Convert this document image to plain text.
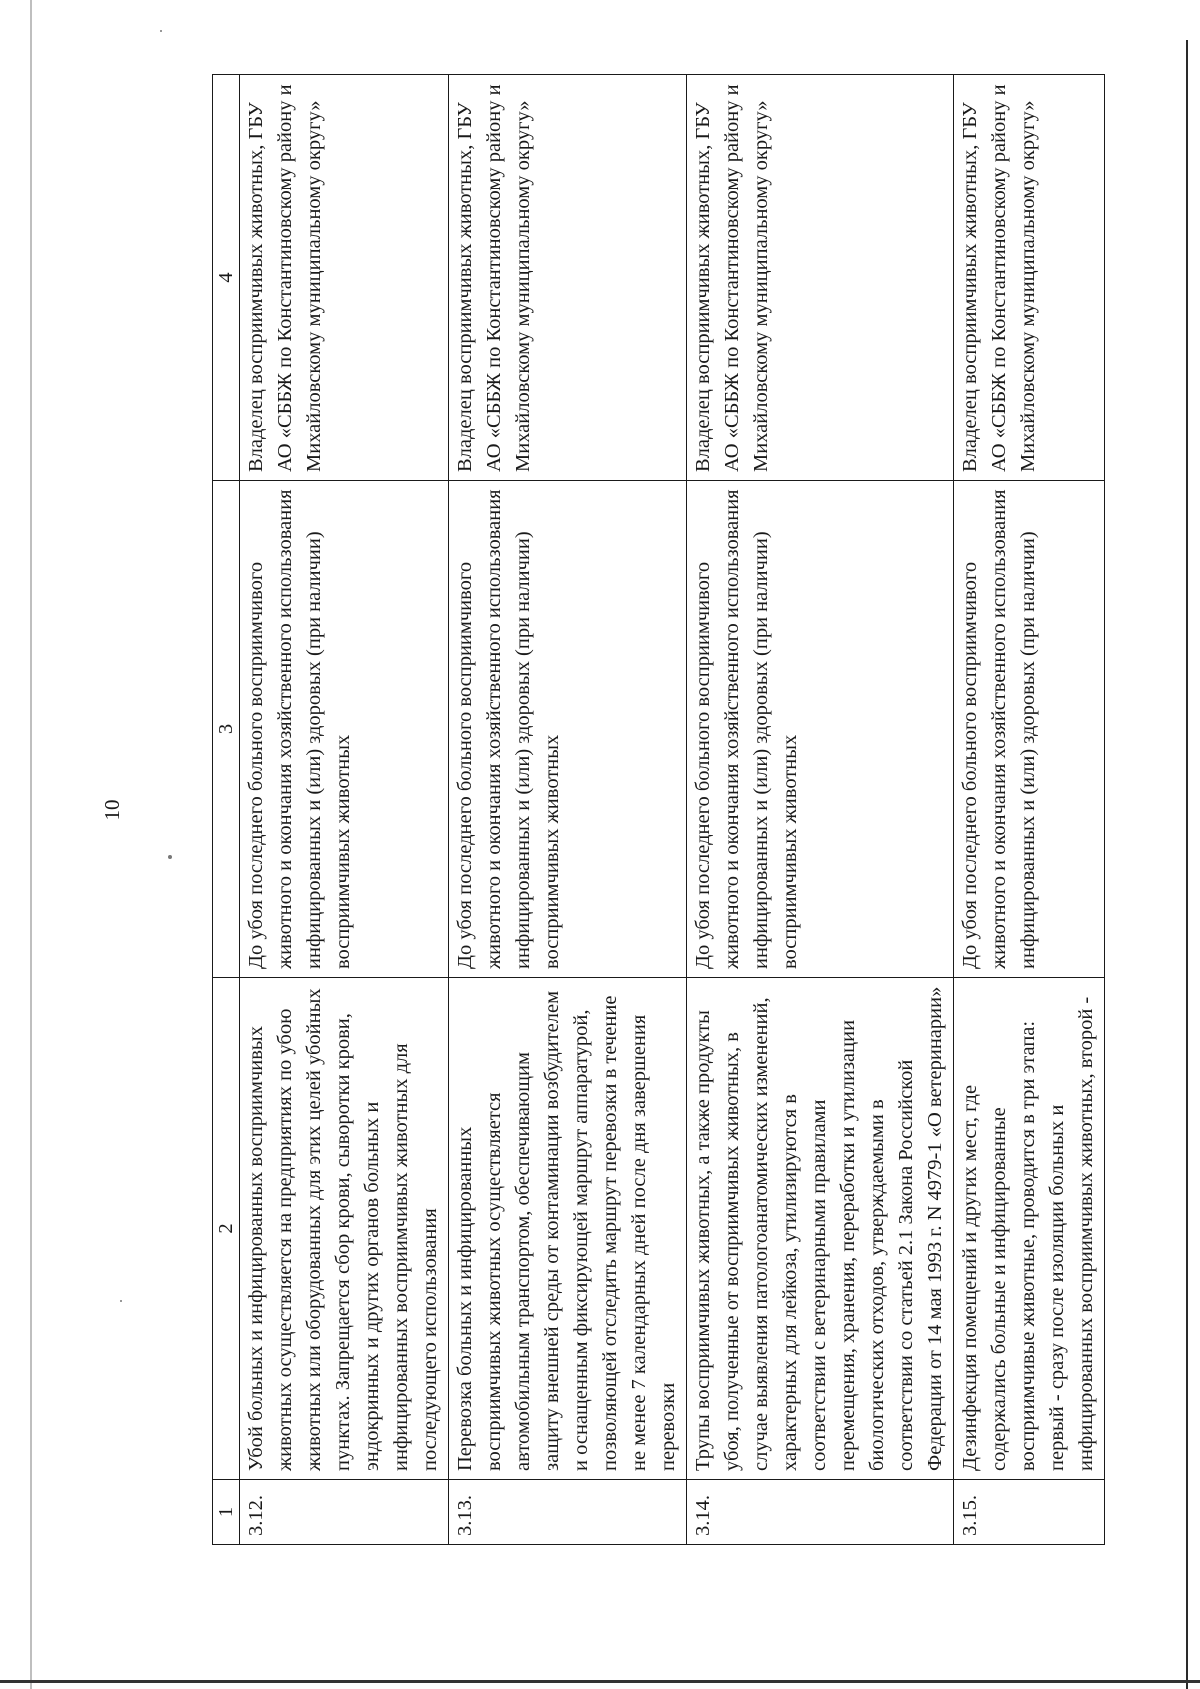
10
1	2	3	4
3.12.	Убой больных и инфицированных восприимчивых животных осуществляется на предприятиях по убою животных или оборудованных для этих целей убойных пунктах. Запрещается сбор крови, сыворотки крови, эндокринных и других органов больных и инфицированных восприимчивых животных для последующего использования	До убоя последнего больного восприимчивого животного и окончания хозяйственного использования инфицированных и (или) здоровых (при наличии) восприимчивых животных	Владелец восприимчивых животных, ГБУ АО «СББЖ по Константиновскому району и Михайловскому муниципальному округу»
3.13.	Перевозка больных и инфицированных восприимчивых животных осуществляется автомобильным транспортом, обеспечивающим защиту внешней среды от контаминации возбудителем и оснащенным фиксирующей маршрут аппаратурой, позволяющей отследить маршрут перевозки в течение не менее 7 календарных дней после дня завершения перевозки	До убоя последнего больного восприимчивого животного и окончания хозяйственного использования инфицированных и (или) здоровых (при наличии) восприимчивых животных	Владелец восприимчивых животных, ГБУ АО «СББЖ по Константиновскому району и Михайловскому муниципальному округу»
3.14.	Трупы восприимчивых животных, а также продукты убоя, полученные от восприимчивых животных, в случае выявления патологоанатомических изменений, характерных для лейкоза, утилизируются в соответствии с ветеринарными правилами перемещения, хранения, переработки и утилизации биологических отходов, утверждаемыми в соответствии со статьей 2.1 Закона Российской Федерации от 14 мая 1993 г. N 4979-1 «О ветеринарии»	До убоя последнего больного восприимчивого животного и окончания хозяйственного использования инфицированных и (или) здоровых (при наличии) восприимчивых животных	Владелец восприимчивых животных, ГБУ АО «СББЖ по Константиновскому району и Михайловскому муниципальному округу»
3.15.	Дезинфекция помещений и других мест, где содержались больные и инфицированные восприимчивые животные, проводится в три этапа: первый - сразу после изоляции больных и инфицированных восприимчивых животных, второй -	До убоя последнего больного восприимчивого животного и окончания хозяйственного использования инфицированных и (или) здоровых (при наличии)	Владелец восприимчивых животных, ГБУ АО «СББЖ по Константиновскому району и Михайловскому муниципальному округу»
